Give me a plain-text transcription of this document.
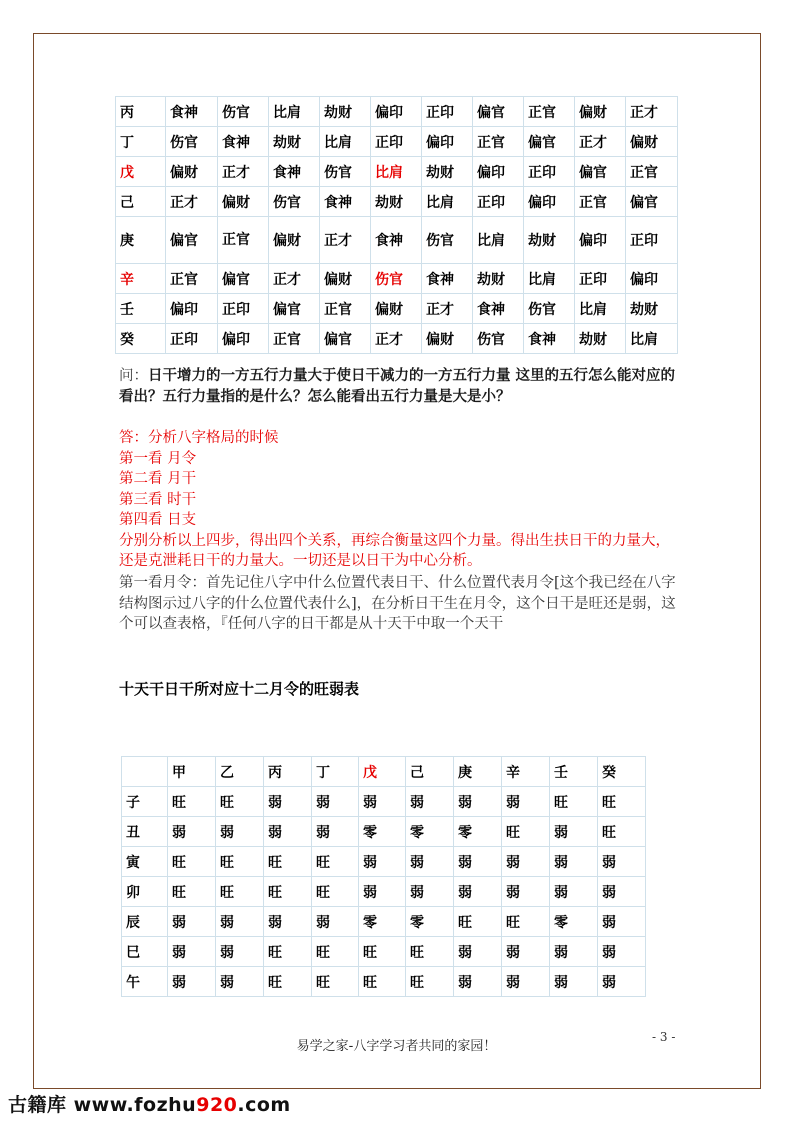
丙	食神	伤官	比肩	劫财	偏印	正印	偏官	正官	偏财	正才
丁	伤官	食神	劫财	比肩	正印	偏印	正官	偏官	正才	偏财
戊	偏财	正才	食神	伤官	比肩	劫财	偏印	正印	偏官	正官
己	正才	偏财	伤官	食神	劫财	比肩	正印	偏印	正官	偏官
庚	偏官	正官	偏财	正才	食神	伤官	比肩	劫财	偏印	正印
辛	正官	偏官	正才	偏财	伤官	食神	劫财	比肩	正印	偏印
壬	偏印	正印	偏官	正官	偏财	正才	食神	伤官	比肩	劫财
癸	正印	偏印	正官	偏官	正才	偏财	伤官	食神	劫财	比肩
问：日干增力的一方五行力量大于使日干减力的一方五行力量 这里的五行怎么能对应的看出？五行力量指的是什么？怎么能看出五行力量是大是小？
答：分析八字格局的时候
第一看 月令
第二看 月干
第三看 时干
第四看 日支
分别分析以上四步，得出四个关系，再综合衡量这四个力量。得出生扶日干的力量大，还是克泄耗日干的力量大。一切还是以日干为中心分析。
第一看月令：首先记住八字中什么位置代表日干、什么位置代表月令[这个我已经在八字结构图示过八字的什么位置代表什么]，在分析日干生在月令，这个日干是旺还是弱，这个可以查表格，『任何八字的日干都是从十天干中取一个天干
十天干日干所对应十二月令的旺弱表
	甲	乙	丙	丁	戊	己	庚	辛	壬	癸
子	旺	旺	弱	弱	弱	弱	弱	弱	旺	旺
丑	弱	弱	弱	弱	零	零	零	旺	弱	旺
寅	旺	旺	旺	旺	弱	弱	弱	弱	弱	弱
卯	旺	旺	旺	旺	弱	弱	弱	弱	弱	弱
辰	弱	弱	弱	弱	零	零	旺	旺	零	弱
巳	弱	弱	旺	旺	旺	旺	弱	弱	弱	弱
午	弱	弱	旺	旺	旺	旺	弱	弱	弱	弱
易学之家-八字学习者共同的家园！
- 3 -
古籍库 www.fozhu920.com
